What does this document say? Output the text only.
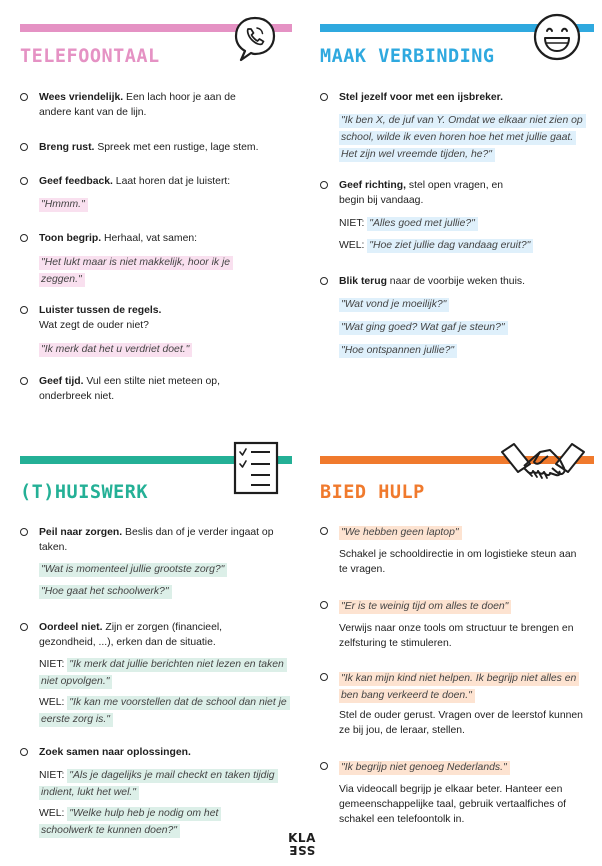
TELEFOONTAAL
Wees vriendelijk. Een lach hoor je aan de andere kant van de lijn.
Breng rust. Spreek met een rustige, lage stem.
Geef feedback. Laat horen dat je luistert:
"Hmmm."
Toon begrip. Herhaal, vat samen:
"Het lukt maar is niet makkelijk, hoor ik je zeggen."
Luister tussen de regels.
Wat zegt de ouder niet?
"Ik merk dat het u verdriet doet."
Geef tijd. Vul een stilte niet meteen op, onderbreek niet.
MAAK VERBINDING
Stel jezelf voor met een ijsbreker.
"Ik ben X, de juf van Y. Omdat we elkaar niet zien op school, wilde ik even horen hoe het met jullie gaat. Het zijn wel vreemde tijden, he?"
Geef richting, stel open vragen, en begin bij vandaag.
NIET: "Alles goed met jullie?"
WEL: "Hoe ziet jullie dag vandaag eruit?"
Blik terug naar de voorbije weken thuis.
"Wat vond je moeilijk?"
"Wat ging goed? Wat gaf je steun?"
"Hoe ontspannen jullie?"
(T)HUISWERK
Peil naar zorgen. Beslis dan of je verder ingaat op taken.
"Wat is momenteel jullie grootste zorg?"
"Hoe gaat het schoolwerk?"
Oordeel niet. Zijn er zorgen (financieel, gezondheid, ...), erken dan de situatie.
NIET: "Ik merk dat jullie berichten niet lezen en taken niet opvolgen."
WEL: "Ik kan me voorstellen dat de school dan niet je eerste zorg is."
Zoek samen naar oplossingen.
NIET: "Als je dagelijks je mail checkt en taken tijdig indient, lukt het wel."
WEL: "Welke hulp heb je nodig om het schoolwerk te kunnen doen?"
BIED HULP
"We hebben geen laptop"
Schakel je schooldirectie in om logistieke steun aan te vragen.
"Er is te weinig tijd om alles te doen"
Verwijs naar onze tools om structuur te brengen en zelfsturing te stimuleren.
"Ik kan mijn kind niet helpen. Ik begrijp niet alles en ben bang verkeerd te doen."
Stel de ouder gerust. Vragen over de leerstof kunnen ze bij jou, de leraar, stellen.
"Ik begrijp niet genoeg Nederlands."
Via videocall begrijp je elkaar beter. Hanteer een gemeenschappelijke taal, gebruik vertaalfiches of schakel een telefoontolk in.
KLA
SSE
